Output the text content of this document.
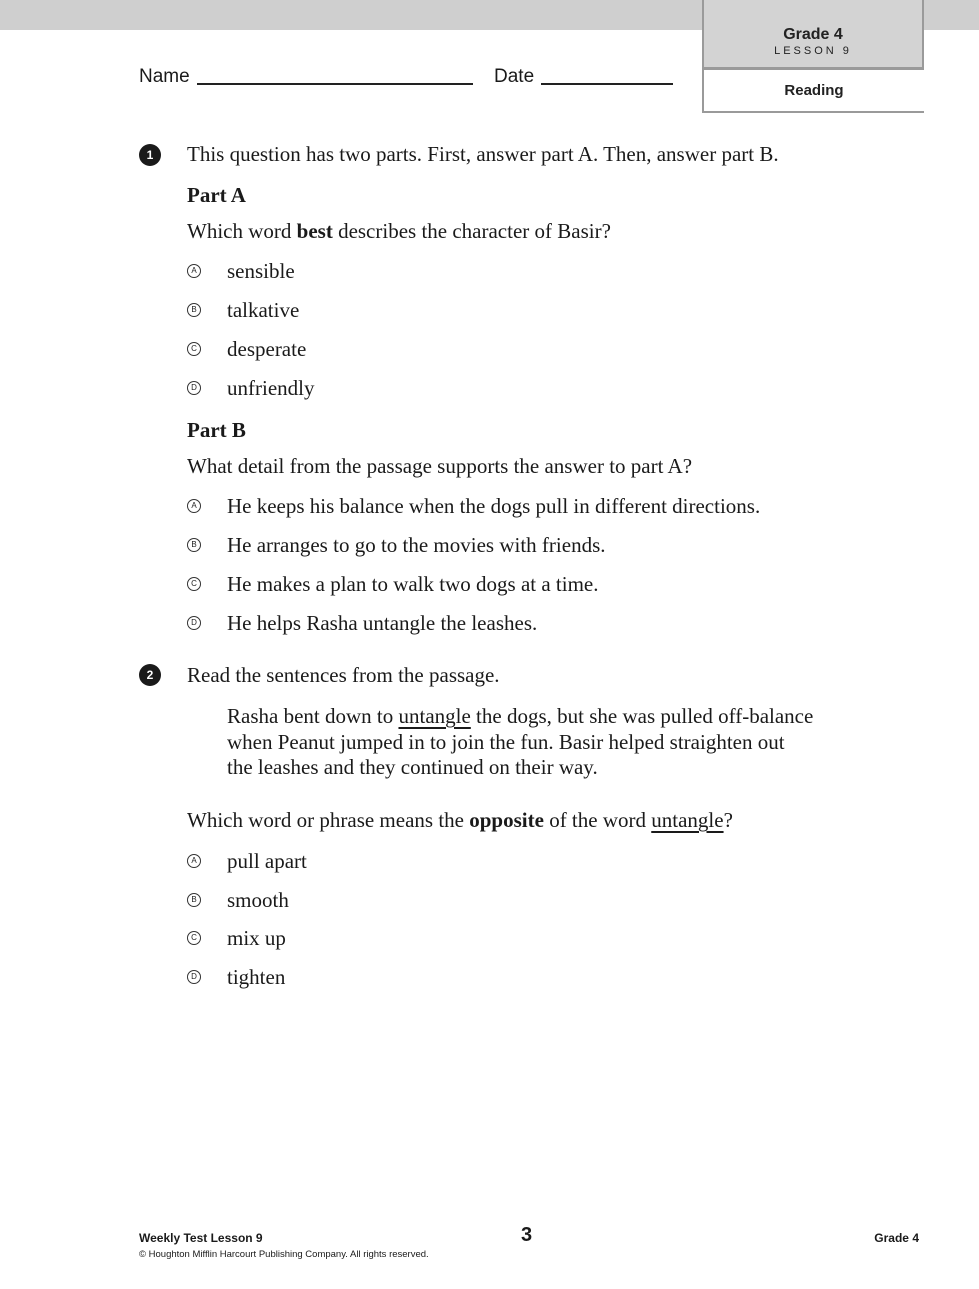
Grade 4
LESSON 9
Reading
Name	Date
1	This question has two parts. First, answer part A. Then, answer part B.
Part A
Which word best describes the character of Basir?
A sensible
B talkative
C desperate
D unfriendly
Part B
What detail from the passage supports the answer to part A?
A He keeps his balance when the dogs pull in different directions.
B He arranges to go to the movies with friends.
C He makes a plan to walk two dogs at a time.
D He helps Rasha untangle the leashes.
2	Read the sentences from the passage.
Rasha bent down to untangle the dogs, but she was pulled off-balance
when Peanut jumped in to join the fun. Basir helped straighten out
the leashes and they continued on their way.
Which word or phrase means the opposite of the word untangle?
A pull apart
B smooth
C mix up
D tighten
Weekly Test Lesson 9
© Houghton Mifflin Harcourt Publishing Company. All rights reserved.
3	Grade 4
